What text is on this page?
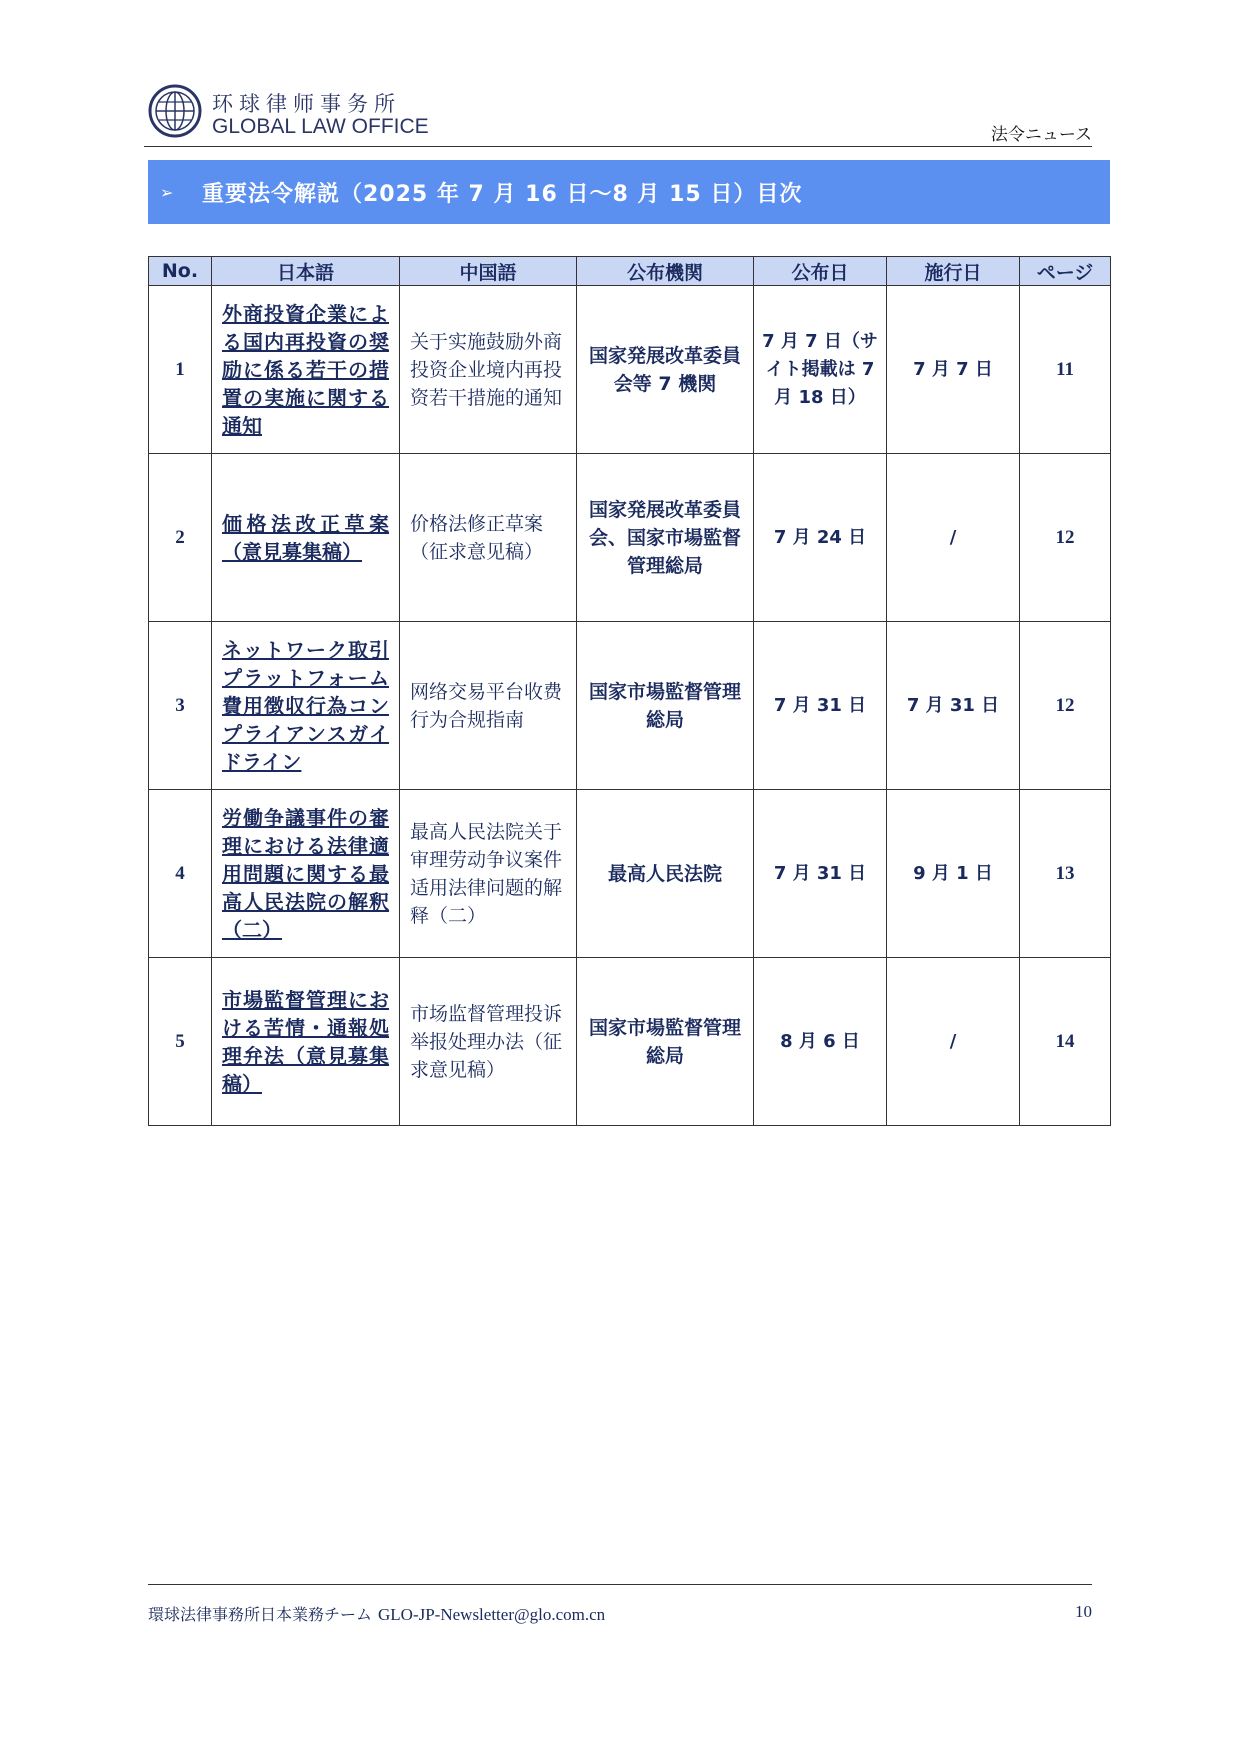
环球律师事务所
GLOBAL LAW OFFICE	法令ニュース
➢ 重要法令解説（2025 年 7 月 16 日〜8 月 15 日）目次
No.	日本語	中国語	公布機関	公布日	施行日	ページ
1	外商投資企業による国内再投資の奨励に係る若干の措置の実施に関する通知	关于实施鼓励外商投资企业境内再投资若干措施的通知	国家発展改革委員会等 7 機関	7 月 7 日（サイト掲載は 7 月 18 日）	7 月 7 日	11
2	価格法改正草案（意見募集稿）	价格法修正草案（征求意见稿）	国家発展改革委員会、国家市場監督管理総局	7 月 24 日	/	12
3	ネットワーク取引プラットフォーム費用徴収行為コンプライアンスガイドライン	网络交易平台收费行为合规指南	国家市場監督管理総局	7 月 31 日	7 月 31 日	12
4	労働争議事件の審理における法律適用問題に関する最高人民法院の解釈（二）	最高人民法院关于审理劳动争议案件适用法律问题的解释（二）	最高人民法院	7 月 31 日	9 月 1 日	13
5	市場監督管理における苦情・通報処理弁法（意見募集稿）	市场监督管理投诉举报处理办法（征求意见稿）	国家市場監督管理総局	8 月 6 日	/	14
環球法律事務所日本業務チーム GLO-JP-Newsletter@glo.com.cn	10
